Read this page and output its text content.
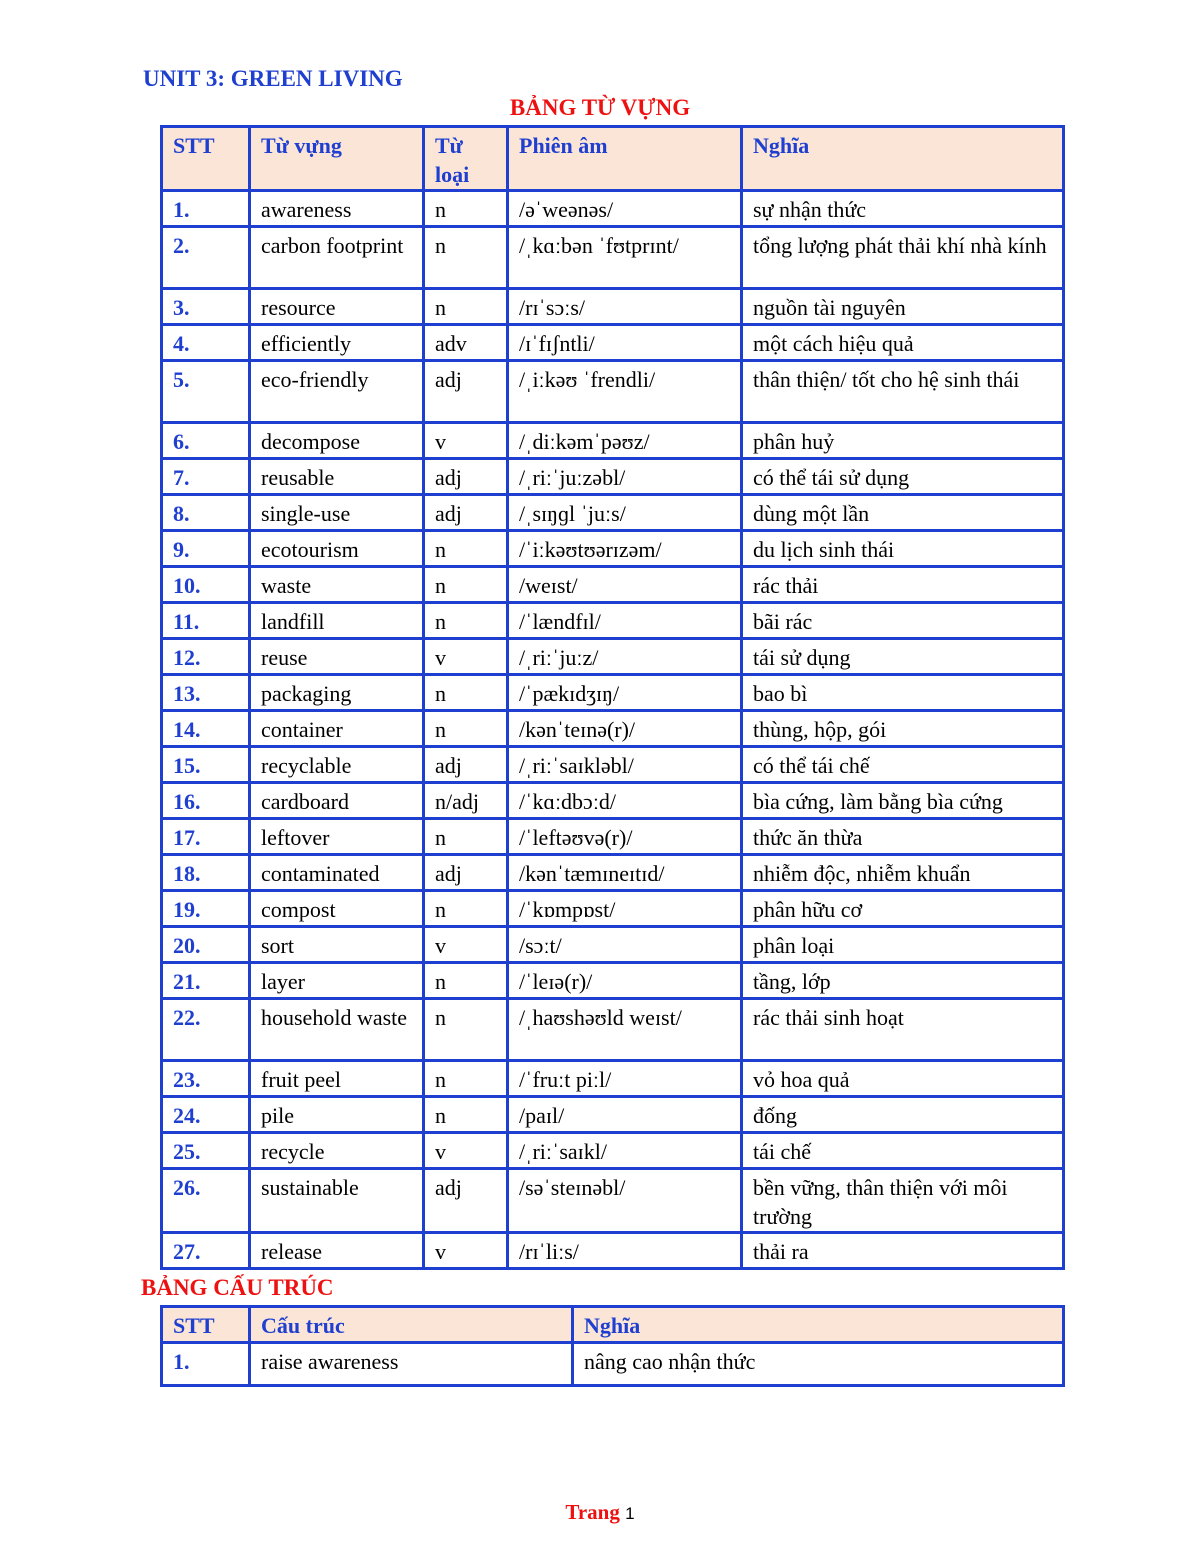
UNIT 3: GREEN LIVING
BẢNG TỪ VỰNG
STT	Từ vựng	Từ loại	Phiên âm	Nghĩa
1.	awareness	n	/əˈweənəs/	sự nhận thức
2.	carbon footprint	n	/ˌkɑːbən ˈfʊtprɪnt/	tổng lượng phát thải khí nhà kính
3.	resource	n	/rɪˈsɔːs/	nguồn tài nguyên
4.	efficiently	adv	/ɪˈfɪʃntli/	một cách hiệu quả
5.	eco-friendly	adj	/ˌiːkəʊ ˈfrendli/	thân thiện/ tốt cho hệ sinh thái
6.	decompose	v	/ˌdiːkəmˈpəʊz/	phân huỷ
7.	reusable	adj	/ˌriːˈjuːzəbl/	có thể tái sử dụng
8.	single-use	adj	/ˌsɪŋɡl ˈjuːs/	dùng một lần
9.	ecotourism	n	/ˈiːkəʊtʊərɪzəm/	du lịch sinh thái
10.	waste	n	/weɪst/	rác thải
11.	landfill	n	/ˈlændfɪl/	bãi rác
12.	reuse	v	/ˌriːˈjuːz/	tái sử dụng
13.	packaging	n	/ˈpækɪdʒɪŋ/	bao bì
14.	container	n	/kənˈteɪnə(r)/	thùng, hộp, gói
15.	recyclable	adj	/ˌriːˈsaɪkləbl/	có thể tái chế
16.	cardboard	n/adj	/ˈkɑːdbɔːd/	bìa cứng, làm bằng bìa cứng
17.	leftover	n	/ˈleftəʊvə(r)/	thức ăn thừa
18.	contaminated	adj	/kənˈtæmɪneɪtɪd/	nhiễm độc, nhiễm khuẩn
19.	compost	n	/ˈkɒmpɒst/	phân hữu cơ
20.	sort	v	/sɔːt/	phân loại
21.	layer	n	/ˈleɪə(r)/	tầng, lớp
22.	household waste	n	/ˌhaʊshəʊld weɪst/	rác thải sinh hoạt
23.	fruit peel	n	/ˈfruːt piːl/	vỏ hoa quả
24.	pile	n	/paɪl/	đống
25.	recycle	v	/ˌriːˈsaɪkl/	tái chế
26.	sustainable	adj	/səˈsteɪnəbl/	bền vững, thân thiện với môi trường
27.	release	v	/rɪˈliːs/	thải ra
BẢNG CẤU TRÚC
STT	Cấu trúc	Nghĩa
1.	raise awareness	nâng cao nhận thức
Trang 1
